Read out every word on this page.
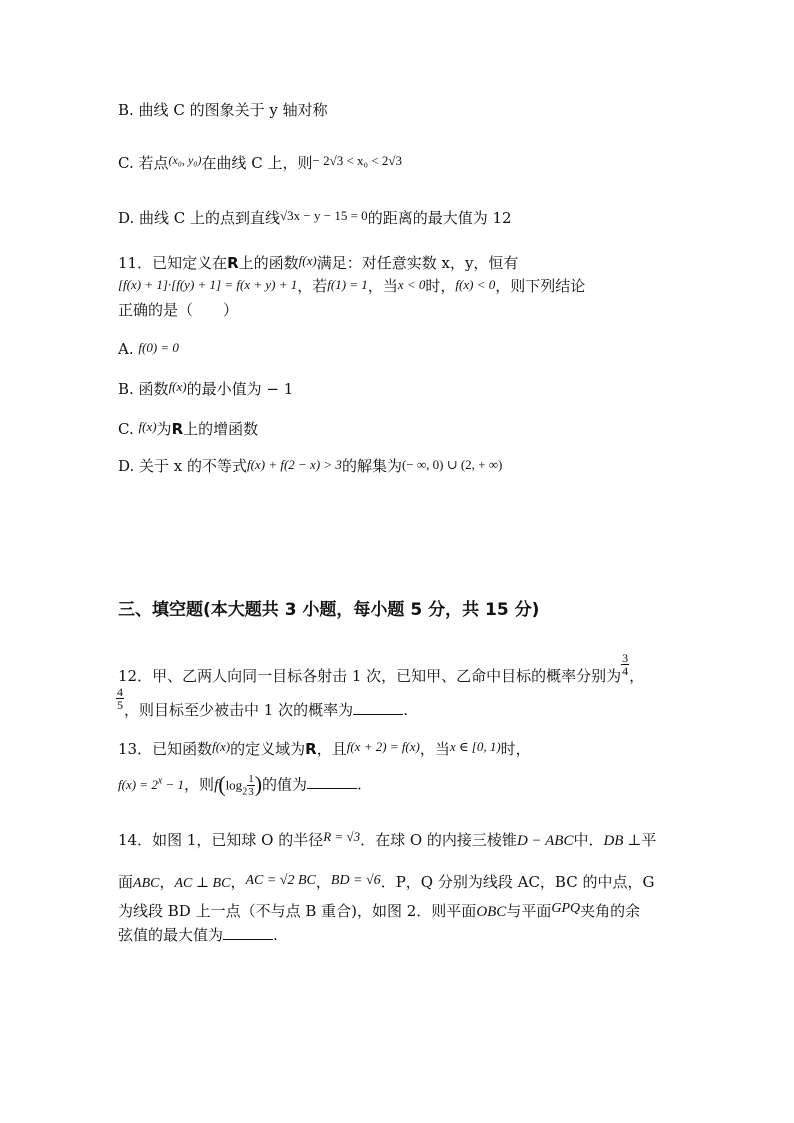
B. 曲线 C 的图象关于 y 轴对称
C. 若点$^{(x_0, y_0)}$在曲线 C 上，则− 2√3 < x₀ < 2√3
D. 曲线 C 上的点到直线√3x − y − 15 = 0的距离的最大值为 12
11．已知定义在R上的函数f(x)满足：对任意实数 x，y，恒有
[f(x) + 1]·[f(y) + 1] = f(x + y) + 1，若f(1) = 1，当x < 0时，f(x) < 0，则下列结论
正确的是（　　）
A. f(0) = 0
B. 函数f(x)的最小值为 − 1
C. f(x)为R上的增函数
D. 关于 x 的不等式f(x) + f(2 − x) > 3的解集为(− ∞, 0) ∪ (2, + ∞)
三、填空题(本大题共 3 小题，每小题 5 分，共 15 分)
12．甲、乙两人向同一目标各射击 1 次，已知甲、乙命中目标的概率分别为 $\frac{3}{4}$ ，
$\frac{4}{5}$ ，则目标至少被击中 1 次的概率为	.
13．已知函数f(x)的定义域为R，且f(x + 2) = f(x)，当x ∈ [0, 1)时，
$f(x) = 2^x - 1$，则$f(\log_2 \frac{1}{3}$ )的值为	.
14．如图 1，已知球 O 的半径R = √3．在球 O 的内接三棱锥D − ABC中．DB ⊥平
面ABC，AC ⊥ BC，AC = √2 BC，BD = √6．P，Q 分别为线段 AC，BC 的中点，G
为线段 BD 上一点（不与点 B 重合)，如图 2．则平面OBC与平面GPQ夹角的余
弦值的最大值为	.
